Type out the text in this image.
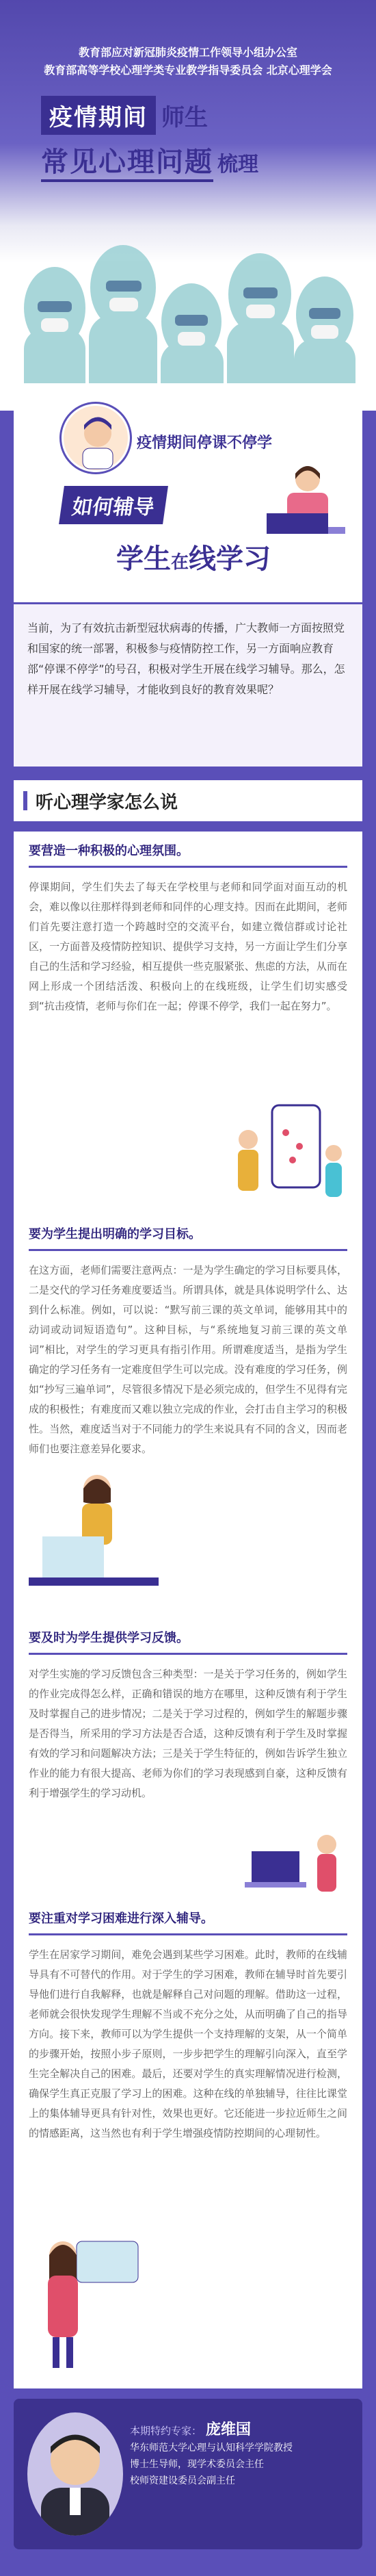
教育部应对新冠肺炎疫情工作领导小组办公室
教育部高等学校心理学类专业教学指导委员会 北京心理学会
疫情期间 师生
常见心理问题 梳理
疫情期间停课不停学
如何辅导
学生在线学习
当前，为了有效抗击新型冠状病毒的传播，广大教师一方面按照党和国家的统一部署，积极参与疫情防控工作，另一方面响应教育部“停课不停学”的号召，积极对学生开展在线学习辅导。那么，怎样开展在线学习辅导，才能收到良好的教育效果呢？
听心理学家怎么说
要营造一种积极的心理氛围。
停课期间，学生们失去了每天在学校里与老师和同学面对面互动的机会，难以像以往那样得到老师和同伴的心理支持。因而在此期间，老师们首先要注意打造一个跨越时空的交流平台，如建立微信群或讨论社区，一方面普及疫情防控知识、提供学习支持，另一方面让学生们分享自己的生活和学习经验，相互提供一些克服紧张、焦虑的方法，从而在网上形成一个团结活泼、积极向上的在线班级，让学生们切实感受到“抗击疫情，老师与你们在一起；停课不停学，我们一起在努力”。
要为学生提出明确的学习目标。
在这方面，老师们需要注意两点：一是为学生确定的学习目标要具体，二是交代的学习任务难度要适当。所谓具体，就是具体说明学什么、达到什么标准。例如，可以说：“默写前三课的英文单词，能够用其中的动词或动词短语造句”。这种目标，与“系统地复习前三课的英文单词”相比，对学生的学习更具有指引作用。所谓难度适当，是指为学生确定的学习任务有一定难度但学生可以完成。没有难度的学习任务，例如“抄写三遍单词”，尽管很多情况下是必须完成的，但学生不见得有完成的积极性；有难度而又难以独立完成的作业，会打击自主学习的积极性。当然，难度适当对于不同能力的学生来说具有不同的含义，因而老师们也要注意差异化要求。
要及时为学生提供学习反馈。
对学生实施的学习反馈包含三种类型：一是关于学习任务的，例如学生的作业完成得怎么样，正确和错误的地方在哪里，这种反馈有利于学生及时掌握自己的进步情况；二是关于学习过程的，例如学生的解题步骤是否得当，所采用的学习方法是否合适，这种反馈有利于学生及时掌握有效的学习和问题解决方法；三是关于学生特征的，例如告诉学生独立作业的能力有很大提高、老师为你们的学习表现感到自豪，这种反馈有利于增强学生的学习动机。
要注重对学习困难进行深入辅导。
学生在居家学习期间，难免会遇到某些学习困难。此时，教师的在线辅导具有不可替代的作用。对于学生的学习困难，教师在辅导时首先要引导他们进行自我解释，也就是解释自己对问题的理解。借助这一过程，老师就会很快发现学生理解不当或不充分之处，从而明确了自己的指导方向。接下来，教师可以为学生提供一个支持理解的支架，从一个简单的步骤开始，按照小步子原则，一步步把学生的理解引向深入，直至学生完全解决自己的困难。最后，还要对学生的真实理解情况进行检测，确保学生真正克服了学习上的困难。这种在线的单独辅导，往往比课堂上的集体辅导更具有针对性，效果也更好。它还能进一步拉近师生之间的情感距离，这当然也有利于学生增强疫情防控期间的心理韧性。
本期特约专家： 庞维国
华东师范大学心理与认知科学学院教授
博士生导师，现学术委员会主任
校师资建设委员会副主任
